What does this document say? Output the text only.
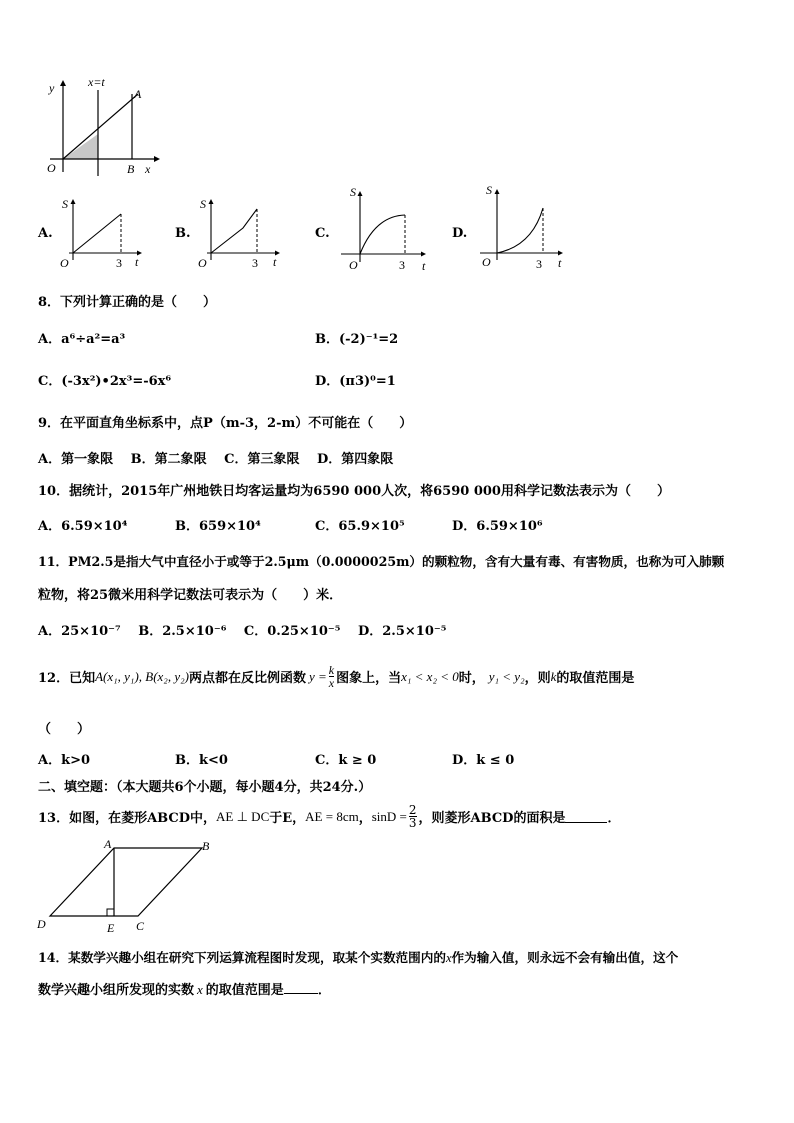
y	x=t
A
O	B x
A.
S
O	3 t
B.
S
O	3 t
C.
S
O	3 t
D.
S
O	3 t
8．下列计算正确的是（　　）
A．a⁶÷a²=a³	B．(-2)⁻¹=2
C．(-3x²)•2x³=-6x⁶	D．(π3)⁰=1
9．在平面直角坐标系中，点P（m-3，2-m）不可能在（　　）
A．第一象限　 B．第二象限　 C．第三象限　 D．第四象限
10．据统计，2015年广州地铁日均客运量均为6590 000人次，将6590 000用科学记数法表示为（　　）
A．6.59×10⁴	B．659×10⁴	C．65.9×10⁵	D．6.59×10⁶
11．PM2.5是指大气中直径小于或等于2.5μm（0.0000025m）的颗粒物，含有大量有毒、有害物质，也称为可入肺颗
粒物，将25微米用科学记数法可表示为（　　）米．
A．25×10⁻⁷　 B．2.5×10⁻⁶　 C．0.25×10⁻⁵　 D．2.5×10⁻⁵
12．已知 A(x₁, y₁), B(x₂, y₂) 两点都在反比例函数 $y = \frac{k}{x}$ 图象上，当 x₁ < x₂ < 0 时， y₁ < y₂ ，则 k 的取值范围是
（　　）
A．k>0	B．k<0	C．k ≥ 0	D．k ≤ 0
二、填空题：（本大题共6个小题，每小题4分，共24分.）
13．如图，在菱形ABCD中， AE ⊥ DC 于E， AE = 8cm ， $\sin D = \frac{2}{3}$ ，则菱形ABCD的面积是	．
A	B
D	E C
14．某数学兴趣小组在研究下列运算流程图时发现，取某个实数范围内的x作为输入值，则永远不会有输出值，这个
数学兴趣小组所发现的实数 x 的取值范围是	．
